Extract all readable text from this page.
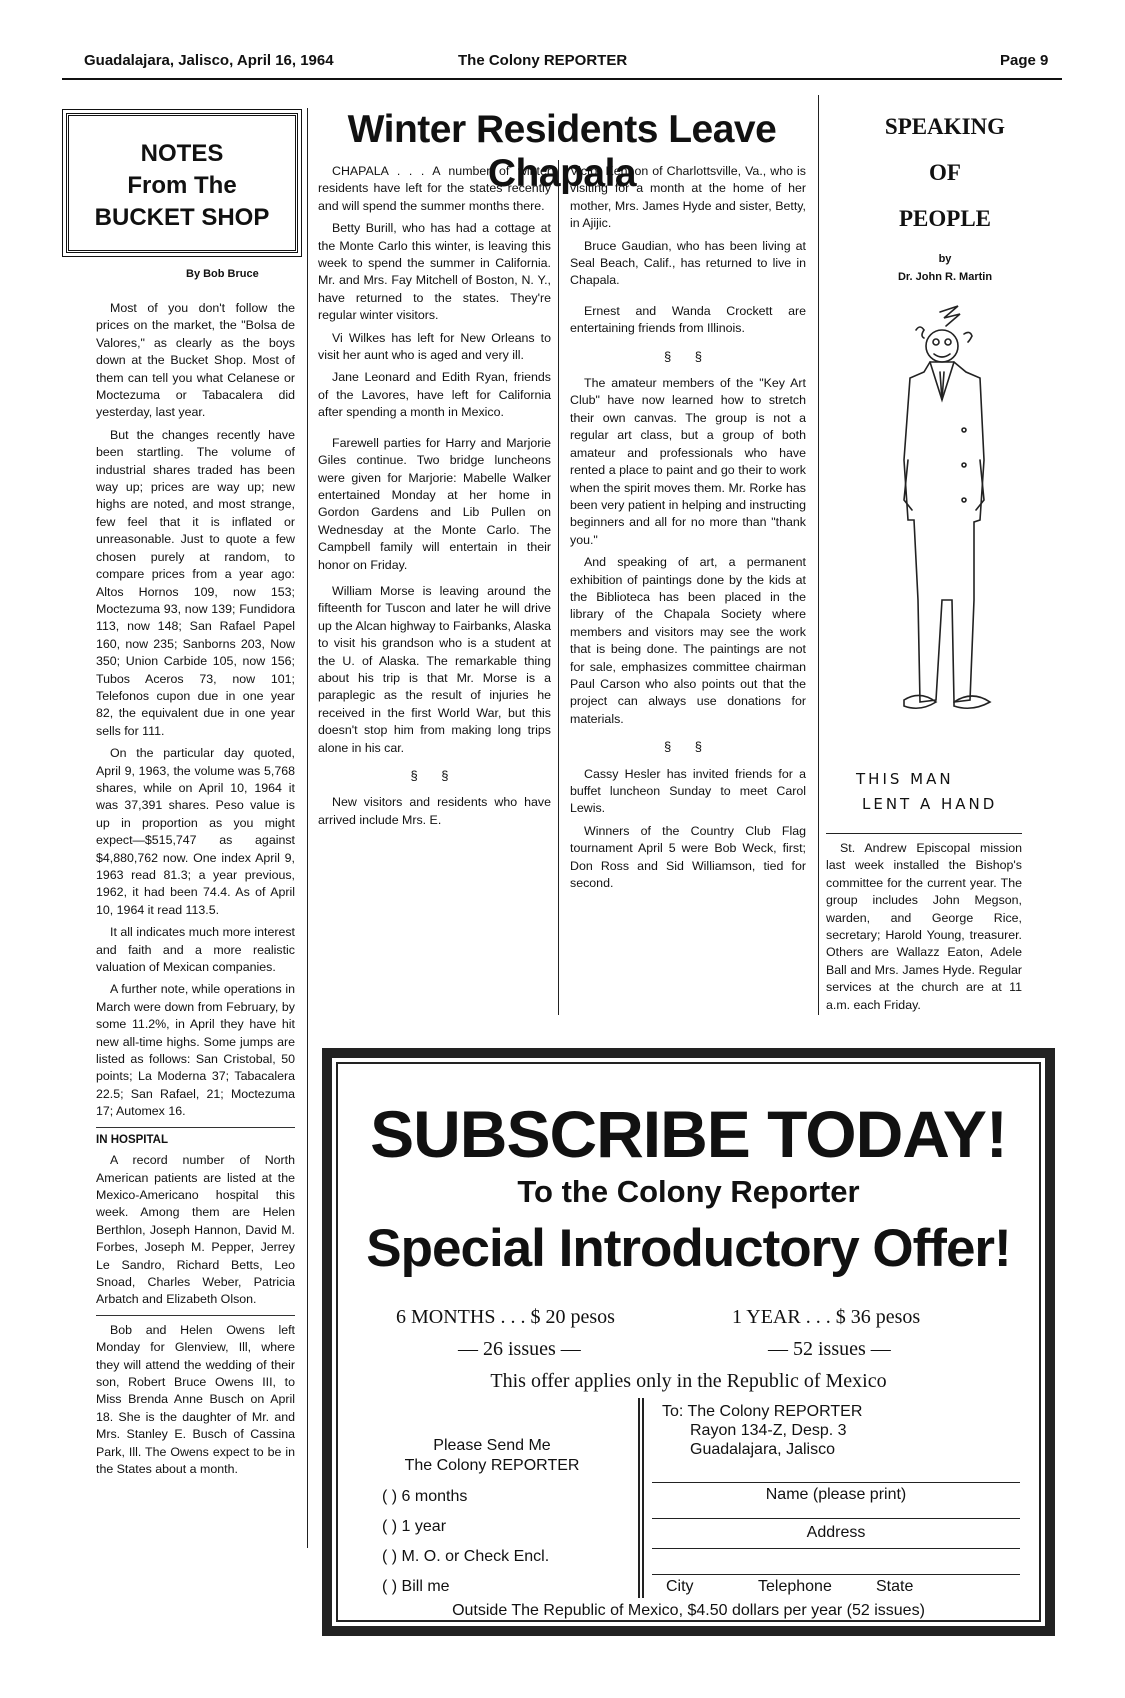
Guadalajara, Jalisco, April 16, 1964	The Colony REPORTER	Page 9
NOTES
From The
BUCKET SHOP
By Bob Bruce

Most of you don't follow the prices on the market, the "Bolsa de Valores," as clearly as the boys down at the Bucket Shop. Most of them can tell you what Celanese or Moctezuma or Tabacalera did yesterday, last year.

But the changes recently have been startling. The volume of industrial shares traded has been way up; prices are way up; new highs are noted, and most strange, few feel that it is inflated or unreasonable. Just to quote a few chosen purely at random, to compare prices from a year ago: Altos Hornos 109, now 153; Moctezuma 93, now 139; Fundidora 113, now 148; San Rafael Papel 160, now 235; Sanborns 203, Now 350; Union Carbide 105, now 156; Tubos Aceros 73, now 101; Telefonos cupon due in one year 82, the equivalent due in one year sells for 111.

On the particular day quoted, April 9, 1963, the volume was 5,768 shares, while on April 10, 1964 it was 37,391 shares. Peso value is up in proportion as you might expect—$515,747 as against $4,880,762 now. One index April 9, 1963 read 81.3; a year previous, 1962, it had been 74.4. As of April 10, 1964 it read 113.5.

It all indicates much more interest and faith and a more realistic valuation of Mexican companies.

A further note, while operations in March were down from February, by some 11.2%, in April they have hit new all-time highs. Some jumps are listed as follows: San Cristobal, 50 points; La Moderna 37; Tabacalera 22.5; San Rafael, 21; Moctezuma 17; Automex 16.

IN HOSPITAL

A record number of North American patients are listed at the Mexico-Americano hospital this week. Among them are Helen Berthlon, Joseph Hannon, David M. Forbes, Joseph M. Pepper, Jerrey Le Sandro, Richard Betts, Leo Snoad, Charles Weber, Patricia Arbatch and Elizabeth Olson.

Bob and Helen Owens left Monday for Glenview, Ill, where they will attend the wedding of their son, Robert Bruce Owens III, to Miss Brenda Anne Busch on April 18. She is the daughter of Mr. and Mrs. Stanley E. Busch of Cassina Park, Ill. The Owens expect to be in the States about a month.

Winter Residents Leave Chapala

CHAPALA . . . A number of winter residents have left for the states recently and will spend the summer months there.

Betty Burill, who has had a cottage at the Monte Carlo this winter, is leaving this week to spend the summer in California. Mr. and Mrs. Fay Mitchell of Boston, N. Y., have returned to the states. They're regular winter visitors.

Vi Wilkes has left for New Orleans to visit her aunt who is aged and very ill.

Jane Leonard and Edith Ryan, friends of the Lavores, have left for California after spending a month in Mexico.

Farewell parties for Harry and Marjorie Giles continue. Two bridge luncheons were given for Marjorie: Mabelle Walker entertained Monday at her home in Gordon Gardens and Lib Pullen on Wednesday at the Monte Carlo. The Campbell family will entertain in their honor on Friday.

William Morse is leaving around the fifteenth for Tuscon and later he will drive up the Alcan highway to Fairbanks, Alaska to visit his grandson who is a student at the U. of Alaska. The remarkable thing about his trip is that Mr. Morse is a paraplegic as the result of injuries he received in the first World War, but this doesn't stop him from making long trips alone in his car.

§ §

New visitors and residents who have arrived include Mrs. E.

Victor Kennon of Charlottsville, Va., who is visiting for a month at the home of her mother, Mrs. James Hyde and sister, Betty, in Ajijic.

Bruce Gaudian, who has been living at Seal Beach, Calif., has returned to live in Chapala.

Ernest and Wanda Crockett are entertaining friends from Illinois.

§ §

The amateur members of the "Key Art Club" have now learned how to stretch their own canvas. The group is not a regular art class, but a group of both amateur and professionals who have rented a place to paint and go their to work when the spirit moves them. Mr. Rorke has been very patient in helping and instructing beginners and all for no more than "thank you."

And speaking of art, a permanent exhibition of paintings done by the kids at the Biblioteca has been placed in the library of the Chapala Society where members and visitors may see the work that is being done. The paintings are not for sale, emphasizes committee chairman Paul Carson who also points out that the project can always use donations for materials.

§ §

Cassy Hesler has invited friends for a buffet luncheon Sunday to meet Carol Lewis.

Winners of the Country Club Flag tournament April 5 were Bob Weck, first; Don Ross and Sid Williamson, tied for second.

SPEAKING
OF
PEOPLE
by
Dr. John R. Martin
THIS MAN
LENT A HAND

St. Andrew Episcopal mission last week installed the Bishop's committee for the current year. The group includes John Megson, warden, and George Rice, secretary; Harold Young, treasurer. Others are Wallazz Eaton, Adele Ball and Mrs. James Hyde. Regular services at the church are at 11 a.m. each Friday.

SUBSCRIBE TODAY!
To the Colony Reporter
Special Introductory Offer!
6 MONTHS . . . $ 20 pesos	1 YEAR . . . $ 36 pesos
— 26 issues —	— 52 issues —
This offer applies only in the Republic of Mexico
Please Send Me
The Colony REPORTER
( ) 6 months
( ) 1 year
( ) M. O. or Check Encl.
( ) Bill me
To: The Colony REPORTER
Rayon 134-Z, Desp. 3
Guadalajara, Jalisco
Name (please print)
Address
City	Telephone	State
Outside The Republic of Mexico, $4.50 dollars per year (52 issues)
